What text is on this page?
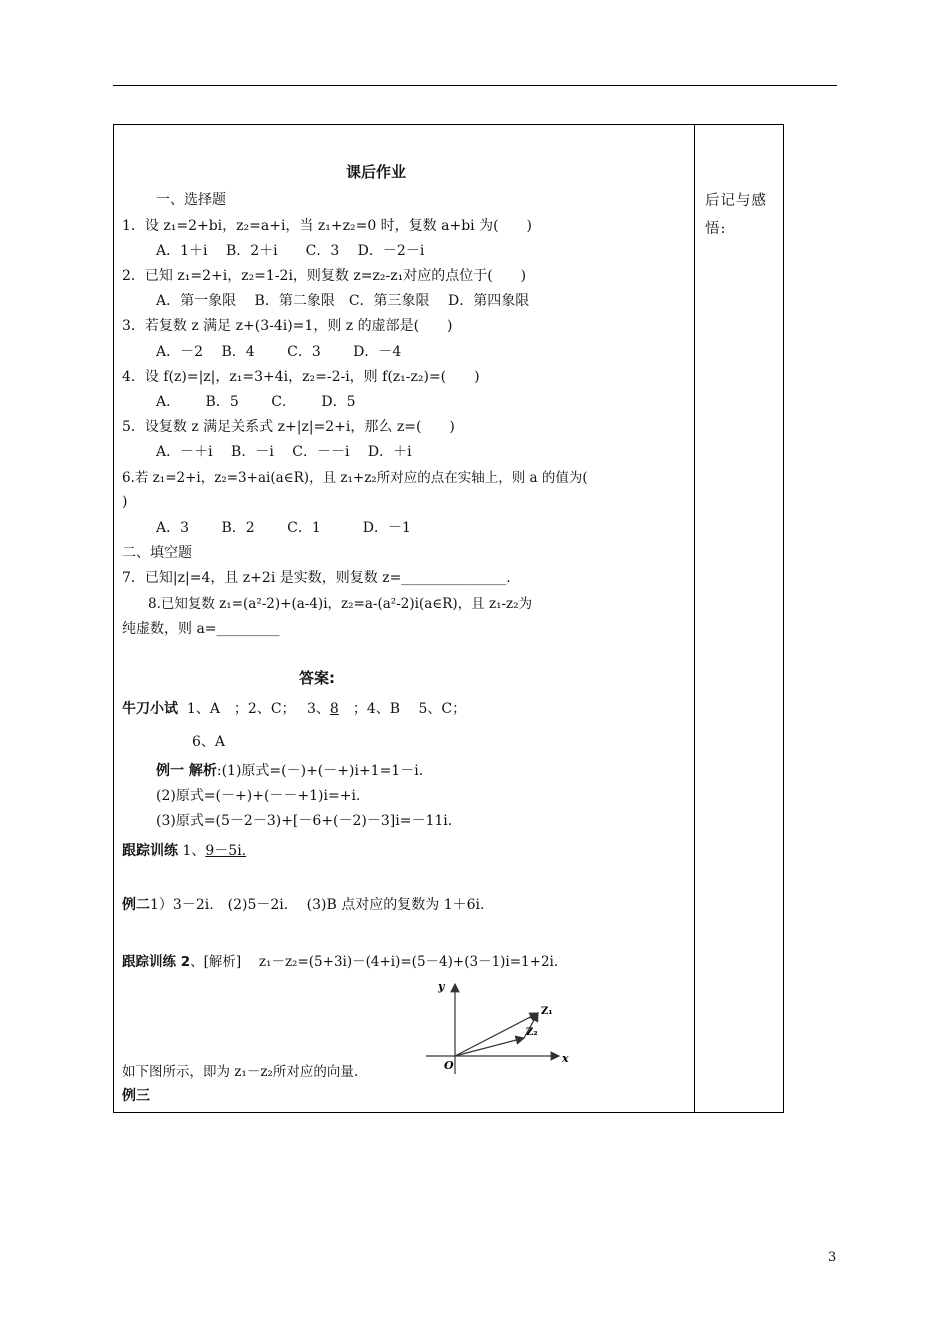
后记与感悟:
课后作业
一、选择题
1．设 z₁=2+bi，z₂=a+i，当 z₁+z₂=0 时，复数 a+bi 为(　　)
A．1＋i　 B．2＋i　　C．3　 D．－2－i
2．已知 z₁=2+i，z₂=1-2i，则复数 z=z₂-z₁对应的点位于(　　)
A．第一象限　 B．第二象限　C．第三象限　 D．第四象限
3．若复数 z 满足 z+(3-4i)=1，则 z 的虚部是(　　)
A．－2　 B．4　　 C．3　　 D．－4
4．设 f(z)=|z|，z₁=3+4i，z₂=-2-i，则 f(z₁-z₂)=(　　)
A．　　 B．5　　 C．　　 D．5
5．设复数 z 满足关系式 z+|z|=2+i，那么 z=(　　)
A．－＋i　 B．－i　 C．－－i　 D．＋i
6.若 z₁=2+i，z₂=3+ai(a∈R)，且 z₁+z₂所对应的点在实轴上，则 a 的值为(
)
A．3　　 B．2　　 C．1　　　D．－1
二、填空题
7．已知|z|=4，且 z+2i 是实数，则复数 z=_______________.
8.已知复数 z₁=(a²-2)+(a-4)i，z₂=a-(a²-2)i(a∈R)，且 z₁-z₂为
纯虚数，则 a=_________
答案:
牛刀小试 1、A　；2、C；　 3、8　；4、B　 5、C；
6、A
例一 解析:(1)原式=(－)+(－+)i+1=1－i.
(2)原式=(－+)+(－－+1)i=+i.
(3)原式=(5－2－3)+[－6+(－2)－3]i=－11i.
跟踪训练 1、9－5i.
例二1）3－2i.　(2)5－2i.　 (3)B 点对应的复数为 1＋6i.
跟踪训练 2、[解析]　 z₁－z₂=(5+3i)－(4+i)=(5－4)+(3－1)i=1+2i.
y
x
O
Z₁
Z₂
如下图所示，即为 z₁－z₂所对应的向量.
例三
3
